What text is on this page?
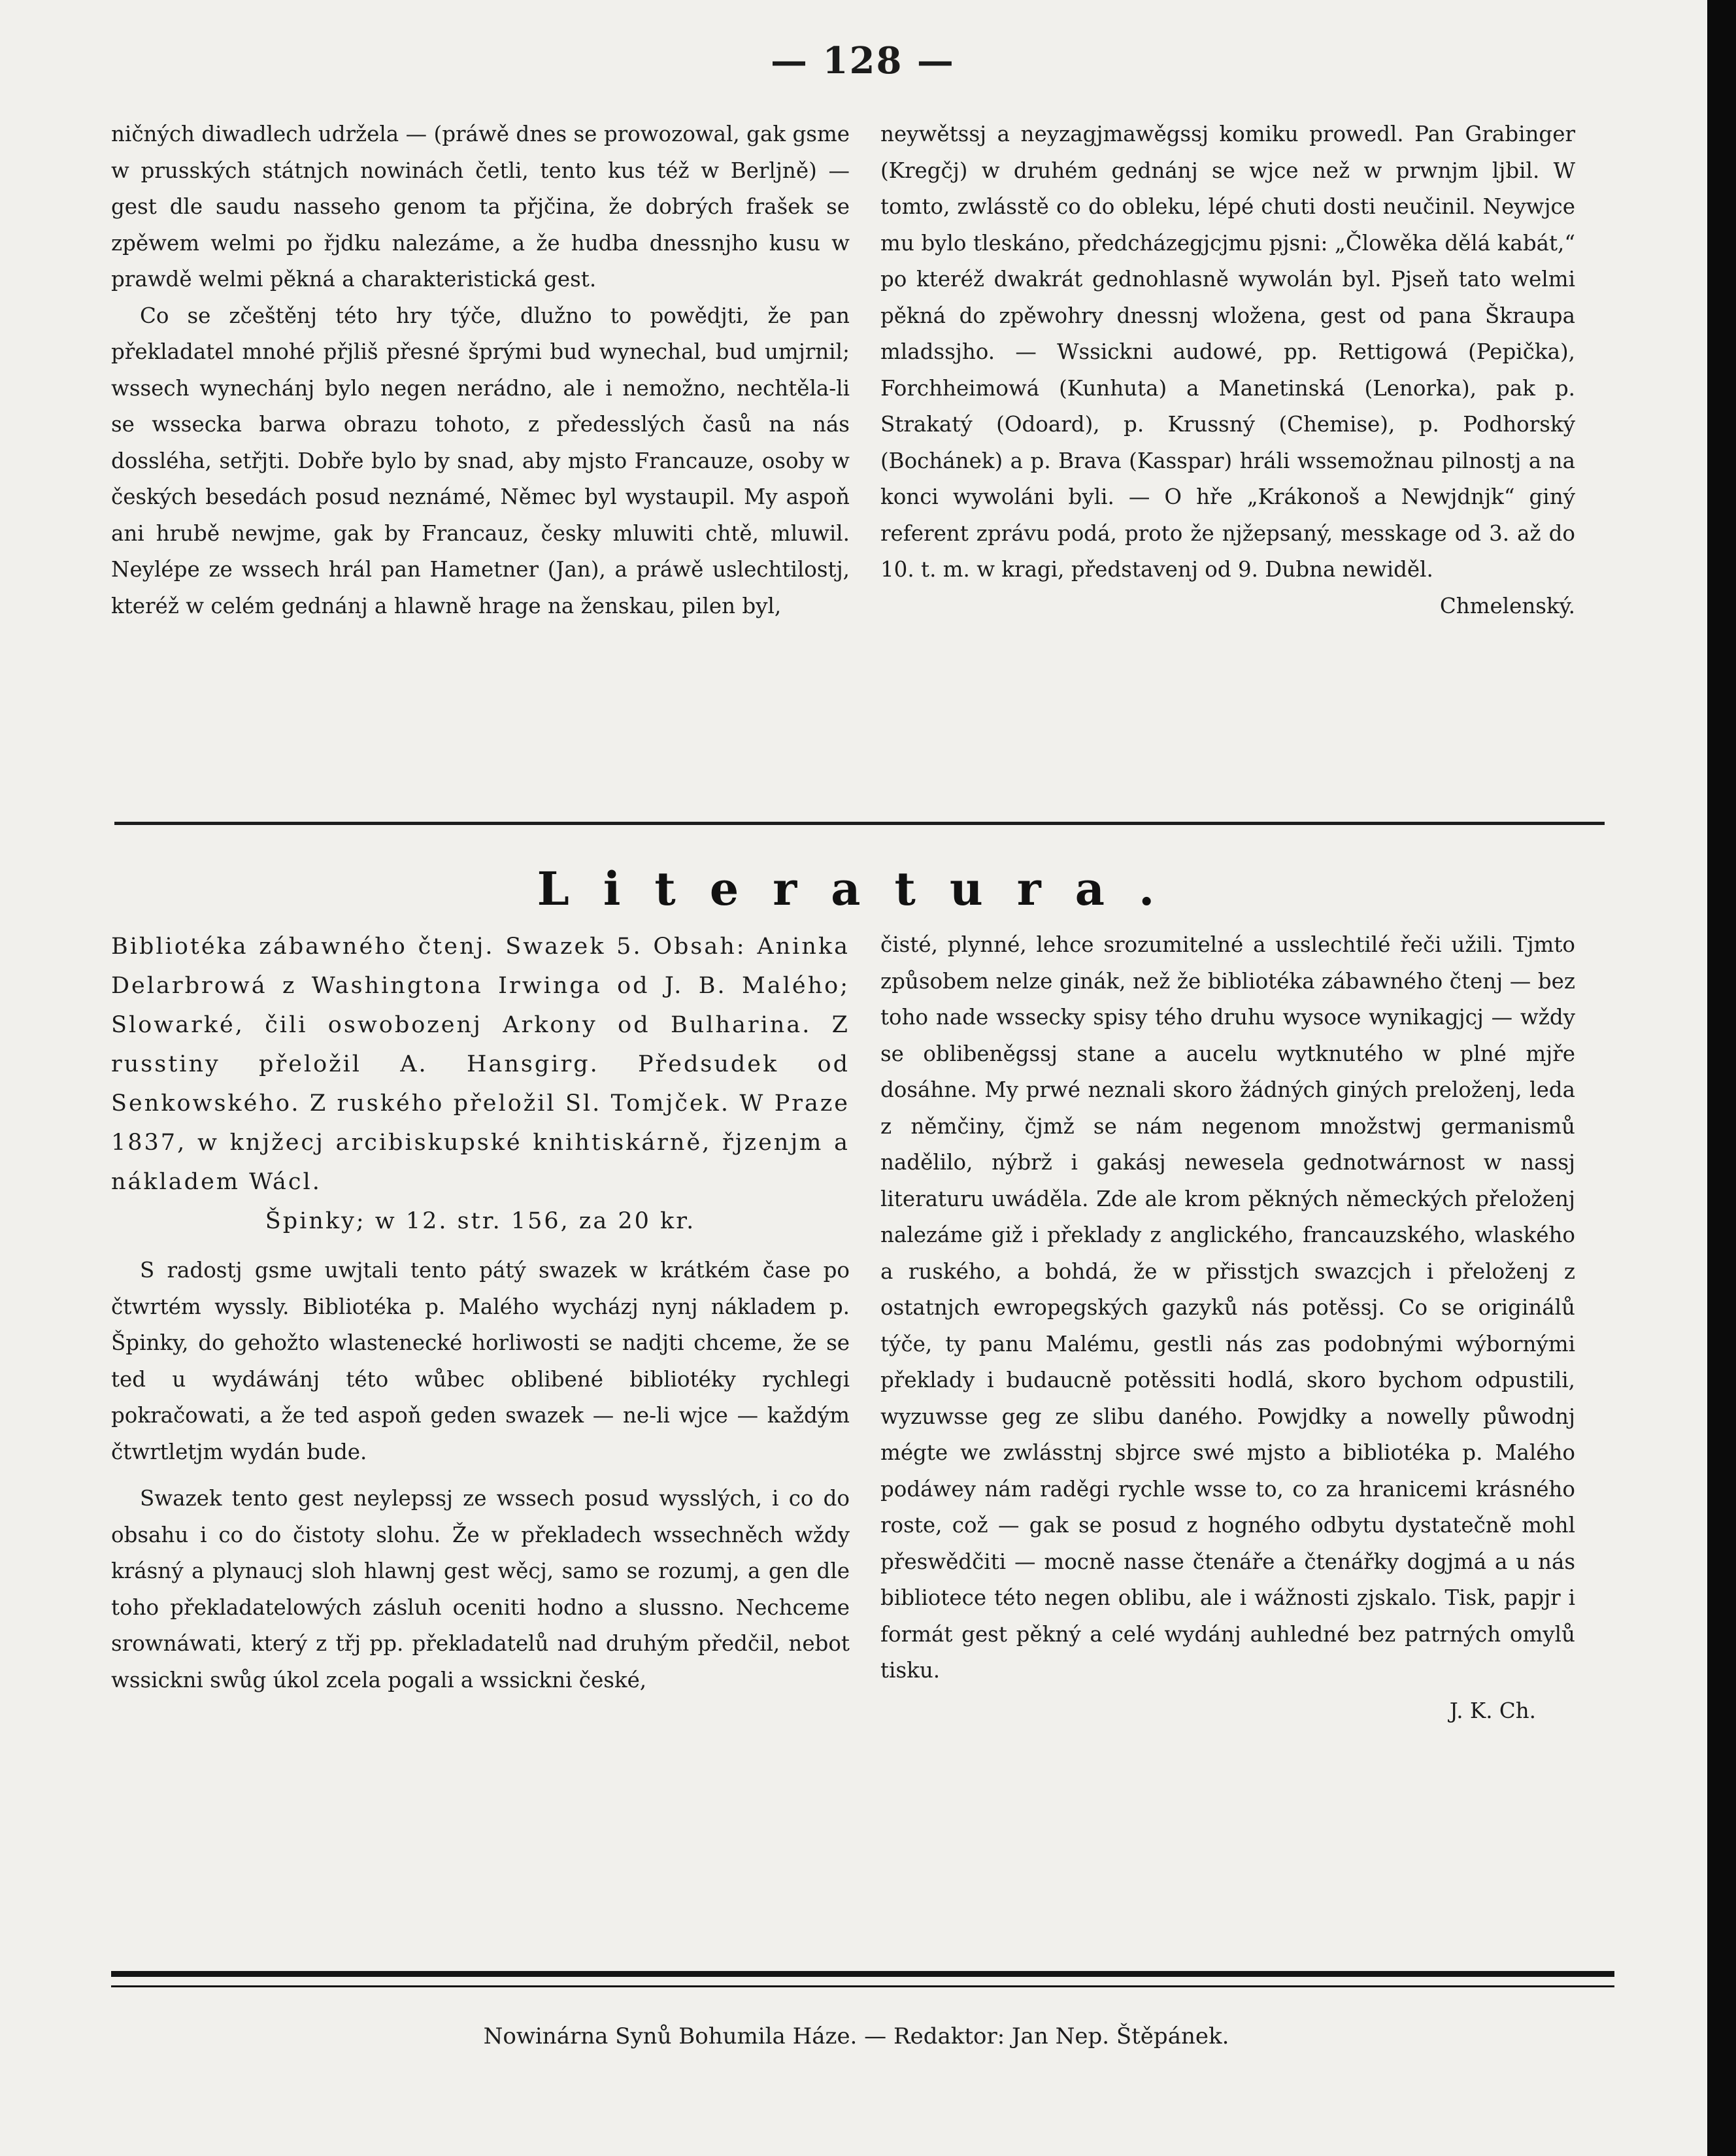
— 128 —

ničných diwadlech udržela — (práwě dnes se prowozowal, gak gsme w prusských státnjch nowinách četli, tento kus též w Berljně) — gest dle saudu nasseho genom ta přjčina, že dobrých frašek se zpěwem welmi po řjdku nalezáme, a že hudba dnessnjho kusu w prawdě welmi pěkná a charakteristická gest.

Co se zčeštěnj této hry týče, dlužno to powědjti, že pan překladatel mnohé přjliš přesné šprými bud wynechal, bud umjrnil; wssech wynechánj bylo negen nerádno, ale i nemožno, nechtěla-li se wssecka barwa obrazu tohoto, z předesslých časů na nás dossléha, setřjti. Dobře bylo by snad, aby mjsto Francauze, osoby w českých besedách posud neznámé, Němec byl wystaupil. My aspoň ani hrubě newjme, gak by Francauz, česky mluwiti chtě, mluwil. Neylépe ze wssech hrál pan Hametner (Jan), a práwě uslechtilostj, kteréž w celém gednánj a hlawně hrage na ženskau, pilen byl,

neywětssj a neyzagjmawěgssj komiku prowedl. Pan Grabinger (Kregčj) w druhém gednánj se wjce než w prwnjm ljbil. W tomto, zwlásstě co do obleku, lépé chuti dosti neučinil. Neywjce mu bylo tleskáno, předcházegjcjmu pjsni: „Člowěka dělá kabát,“ po kteréž dwakrát gednohlasně wywolán byl. Pjseň tato welmi pěkná do zpěwohry dnessnj wložena, gest od pana Škraupa mladssjho. — Wssickni audowé, pp. Rettigowá (Pepička), Forchheimowá (Kunhuta) a Manetinská (Lenorka), pak p. Strakatý (Odoard), p. Krussný (Chemise), p. Podhorský (Bochánek) a p. Brava (Kasspar) hráli wssemožnau pilnostj a na konci wywoláni byli. — O hře „Krákonoš a Newjdnjk“ giný referent zprávu podá, proto že njžepsaný, messkage od 3. až do 10. t. m. w kragi, představenj od 9. Dubna newiděl.

Chmelenský.

Literatura.

Bibliotéka zábawného čtenj. Swazek 5. Obsah: Aninka Delarbrowá z Washingtona Irwinga od J. B. Malého; Slowarké, čili oswobozenj Arkony od Bulharina. Z russtiny přeložil A. Hansgirg. Předsudek od Senkowského. Z ruského přeložil Sl. Tomjček. W Praze 1837, w knjžecj arcibiskupské knihtiskárně, řjzenjm a nákladem Wácl.

Špinky; w 12. str. 156, za 20 kr.

S radostj gsme uwjtali tento pátý swazek w krátkém čase po čtwrtém wyssly. Bibliotéka p. Malého wycházj nynj nákladem p. Špinky, do gehožto wlastenecké horliwosti se nadjti chceme, že se ted u wydáwánj této wůbec oblibené bibliotéky rychlegi pokračowati, a že ted aspoň geden swazek — ne-li wjce — každým čtwrtletjm wydán bude.

Swazek tento gest neylepssj ze wssech posud wysslých, i co do obsahu i co do čistoty slohu. Že w překladech wssechněch wždy krásný a plynaucj sloh hlawnj gest wěcj, samo se rozumj, a gen dle toho překladatelowých zásluh oceniti hodno a slussno. Nechceme srownáwati, který z třj pp. překladatelů nad druhým předčil, nebot wssickni swůg úkol zcela pogali a wssickni české,

čisté, plynné, lehce srozumitelné a usslechtilé řeči užili. Tjmto způsobem nelze ginák, než že bibliotéka zábawného čtenj — bez toho nade wssecky spisy tého druhu wysoce wynikagjcj — wždy se oblibeněgssj stane a aucelu wytknutého w plné mjře dosáhne. My prwé neznali skoro žádných giných preloženj, leda z němčiny, čjmž se nám negenom množstwj germanismů nadělilo, nýbrž i gakásj newesela gednotwárnost w nassj literaturu uwáděla. Zde ale krom pěkných německých přeloženj nalezáme giž i překlady z anglického, francauzského, wlaského a ruského, a bohdá, že w přisstjch swazcjch i přeloženj z ostatnjch ewropegských gazyků nás potěssj. Co se originálů týče, ty panu Malému, gestli nás zas podobnými wýbornými překlady i budaucně potěssiti hodlá, skoro bychom odpustili, wyzuwsse geg ze slibu daného. Powjdky a nowelly půwodnj mégte we zwlásstnj sbjrce swé mjsto a bibliotéka p. Malého podáwey nám raděgi rychle wsse to, co za hranicemi krásného roste, což — gak se posud z hogného odbytu dystatečně mohl přeswědčiti — mocně nasse čtenáře a čtenářky dogjmá a u nás bibliotece této negen oblibu, ale i wážnosti zjskalo. Tisk, papjr i formát gest pěkný a celé wydánj auhledné bez patrných omylů tisku.

J. K. Ch.

Nowinárna Synů Bohumila Háze. — Redaktor: Jan Nep. Štěpánek.
